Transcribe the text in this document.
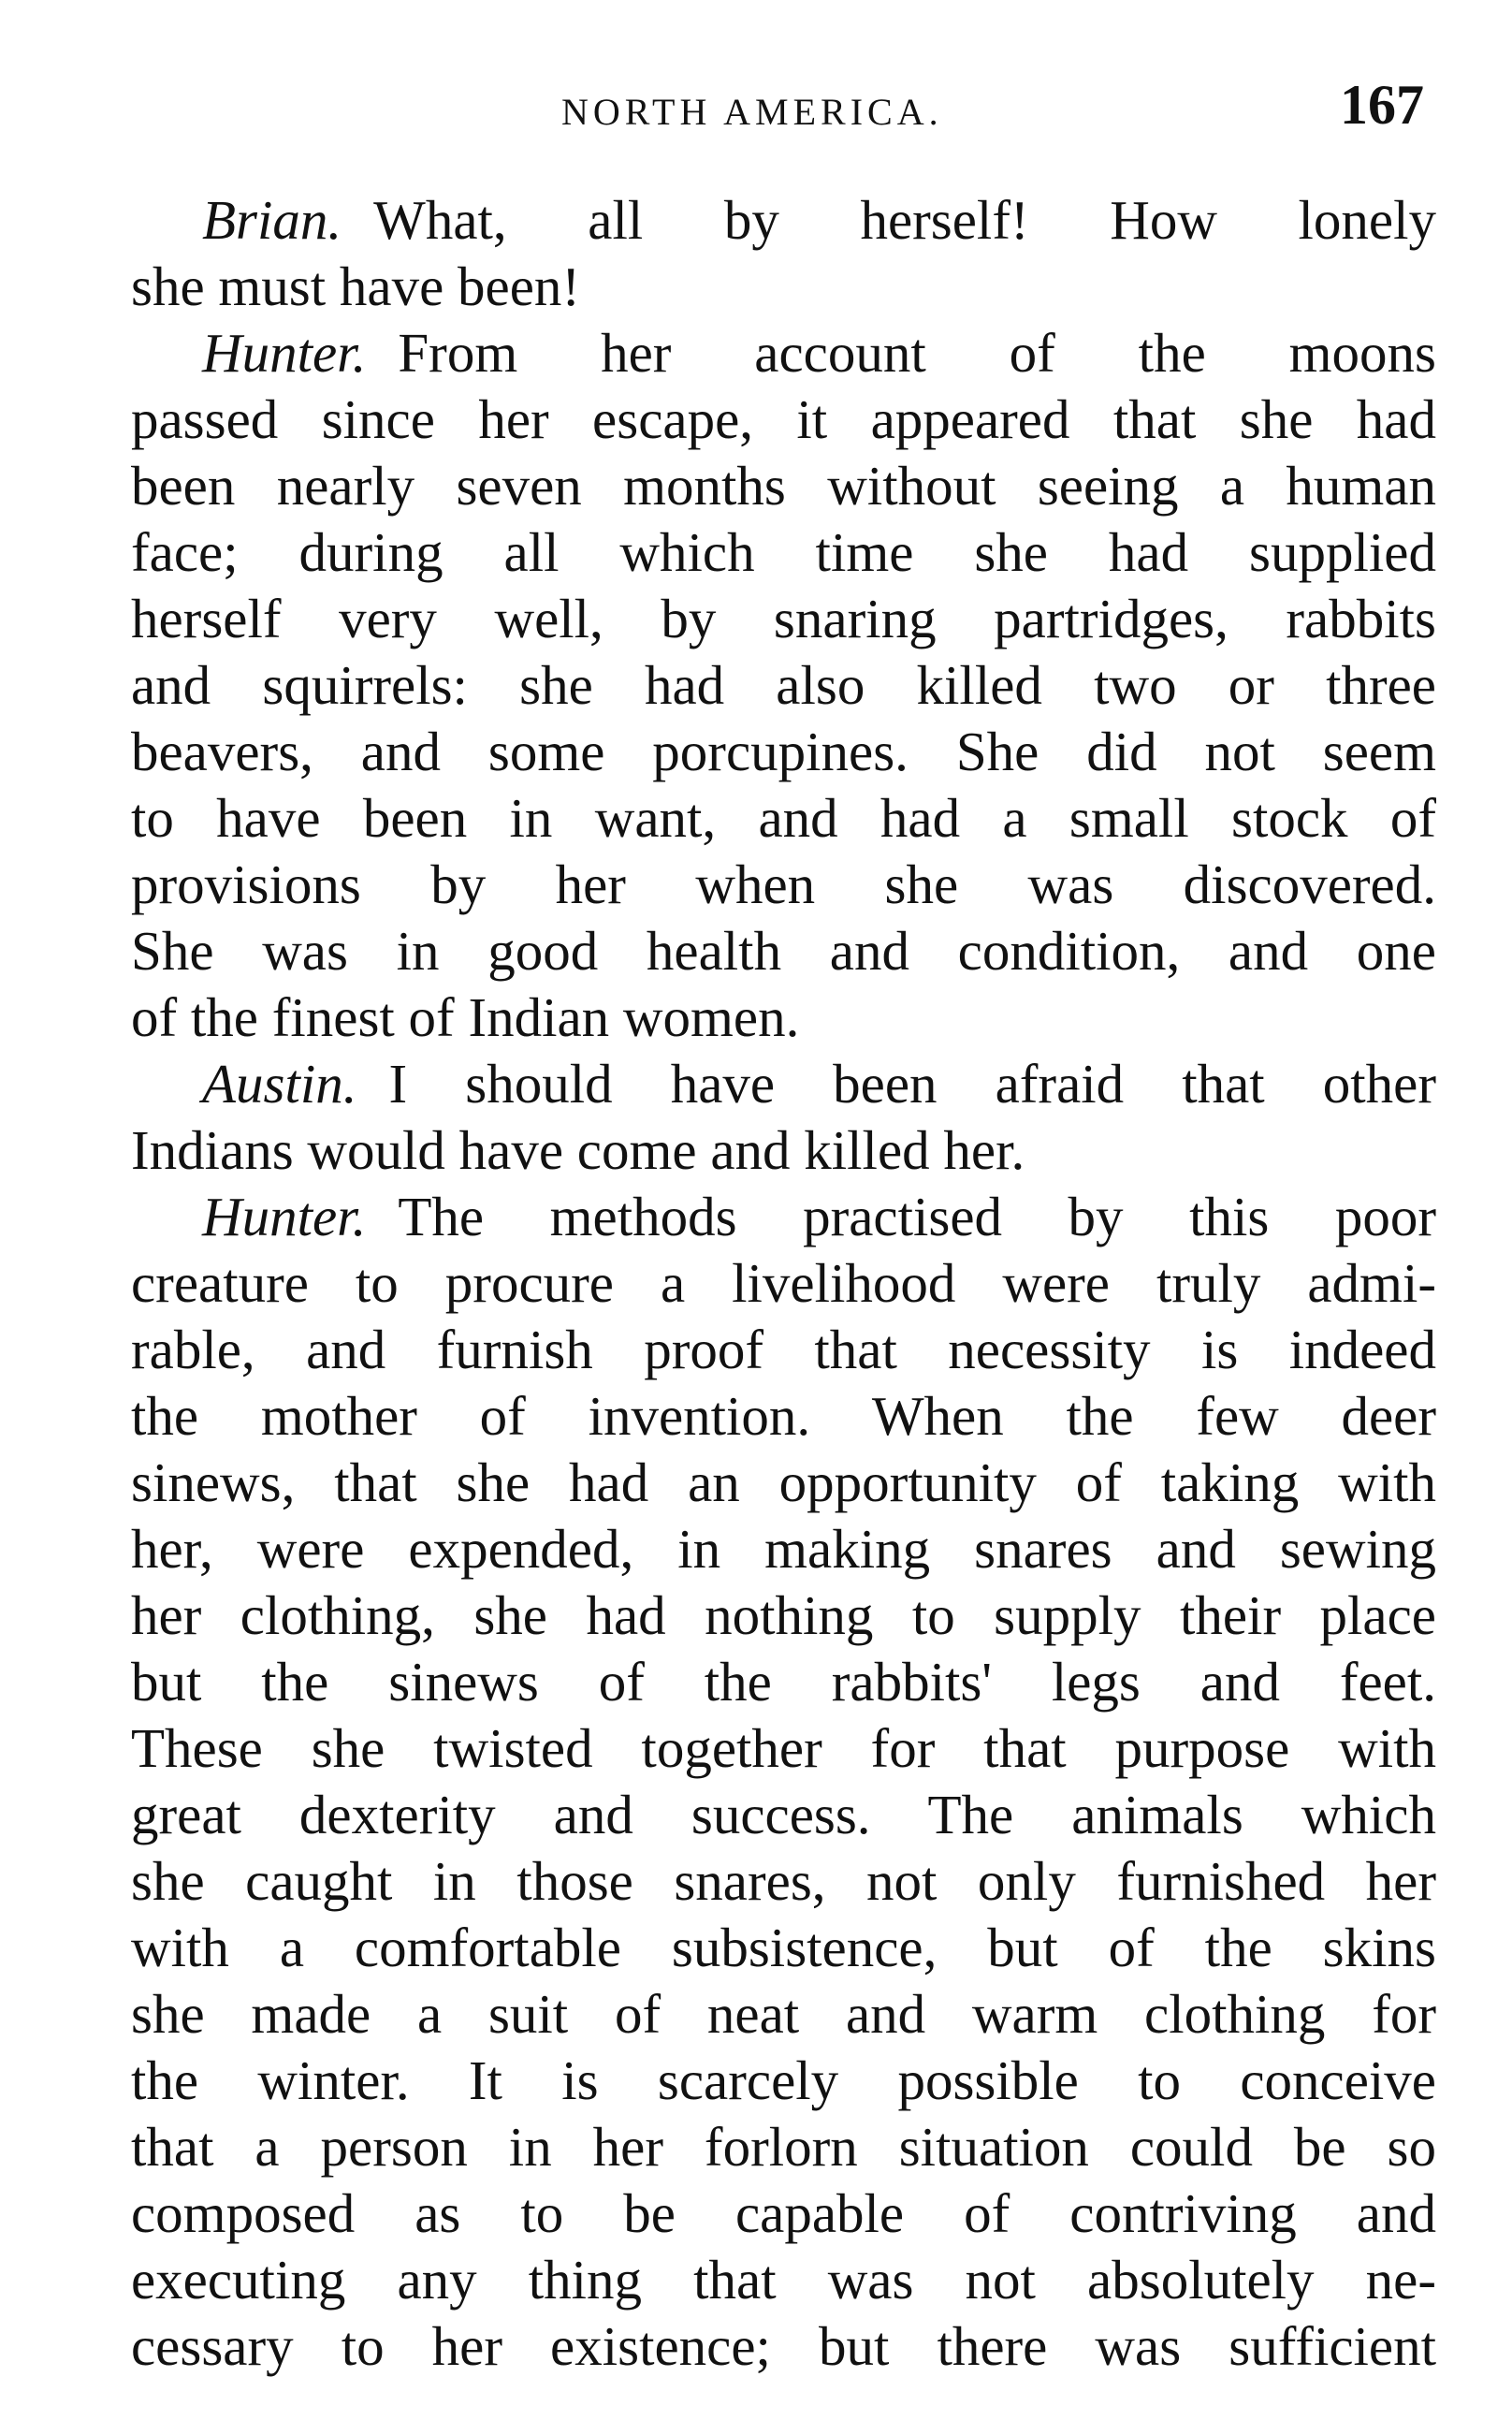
NORTH AMERICA.	167
Brian. What, all by herself! How lonely
she must have been!
Hunter. From her account of the moons
passed since her escape, it appeared that she had
been nearly seven months without seeing a human
face; during all which time she had supplied
herself very well, by snaring partridges, rabbits
and squirrels: she had also killed two or three
beavers, and some porcupines. She did not seem
to have been in want, and had a small stock of
provisions by her when she was discovered.
She was in good health and condition, and one
of the finest of Indian women.
Austin. I should have been afraid that other
Indians would have come and killed her.
Hunter. The methods practised by this poor
creature to procure a livelihood were truly admi-
rable, and furnish proof that necessity is indeed
the mother of invention. When the few deer
sinews, that she had an opportunity of taking with
her, were expended, in making snares and sewing
her clothing, she had nothing to supply their place
but the sinews of the rabbits' legs and feet.
These she twisted together for that purpose with
great dexterity and success. The animals which
she caught in those snares, not only furnished her
with a comfortable subsistence, but of the skins
she made a suit of neat and warm clothing for
the winter. It is scarcely possible to conceive
that a person in her forlorn situation could be so
composed as to be capable of contriving and
executing any thing that was not absolutely ne-
cessary to her existence; but there was sufficient
